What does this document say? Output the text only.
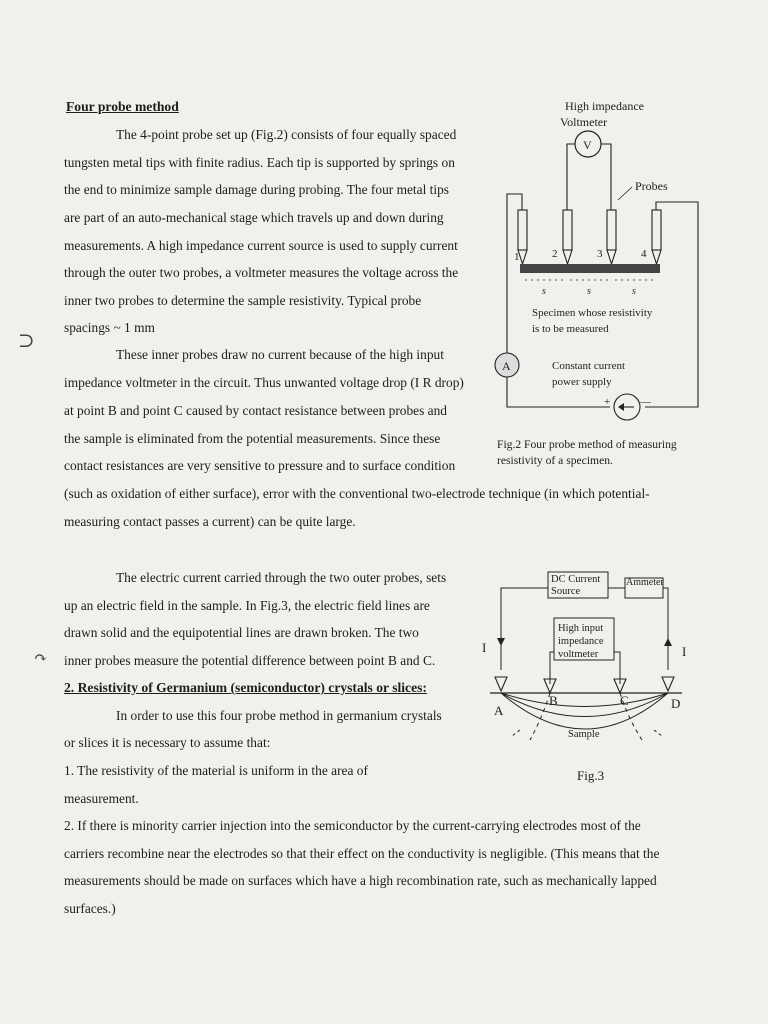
Four probe method
The 4-point probe set up (Fig.2) consists of four equally spaced
tungsten metal tips with finite radius. Each tip is supported by springs on
the end to minimize sample damage during probing. The four metal tips
are part of an auto-mechanical stage which travels up and down during
measurements. A high impedance current source is used to supply current
through the outer two probes, a voltmeter measures the voltage across the
inner two probes to determine the sample resistivity. Typical probe
spacings ~ 1 mm
These inner probes draw no current because of the high input
impedance voltmeter in the circuit. Thus unwanted voltage drop (I R drop)
at point B and point C caused by contact resistance between probes and
the sample is eliminated from the potential measurements. Since these
contact resistances are very sensitive to pressure and to surface condition
(such as oxidation of either surface), error with the conventional two-electrode technique (in which potential-
measuring contact passes a current) can be quite large.
High impedance
Voltmeter
V
Probes
1	2	3	4
s	s	s
Specimen whose resistivity
is to be measured
A	Constant current
power supply
+	—
Fig.2 Four probe method of measuring
resistivity of a specimen.
The electric current carried through the two outer probes, sets
up an electric field in the sample. In Fig.3, the electric field lines are
drawn solid and the equipotential lines are drawn broken. The two
inner probes measure the potential difference between point B and C.
2. Resistivity of Germanium (semiconductor) crystals or slices:
In order to use this four probe method in germanium crystals
or slices it is necessary to assume that:
1. The resistivity of the material is uniform in the area of
measurement.
2. If there is minority carrier injection into the semiconductor by the current-carrying electrodes most of the
carriers recombine near the electrodes so that their effect on the conductivity is negligible. (This means that the
measurements should be made on surfaces which have a high recombination rate, such as mechanically lapped
surfaces.)
DC Current
Source
Ammeter
I	I
High input
impedance
voltmeter
A
B	C	D
Sample
Fig.3
⊃
↷
